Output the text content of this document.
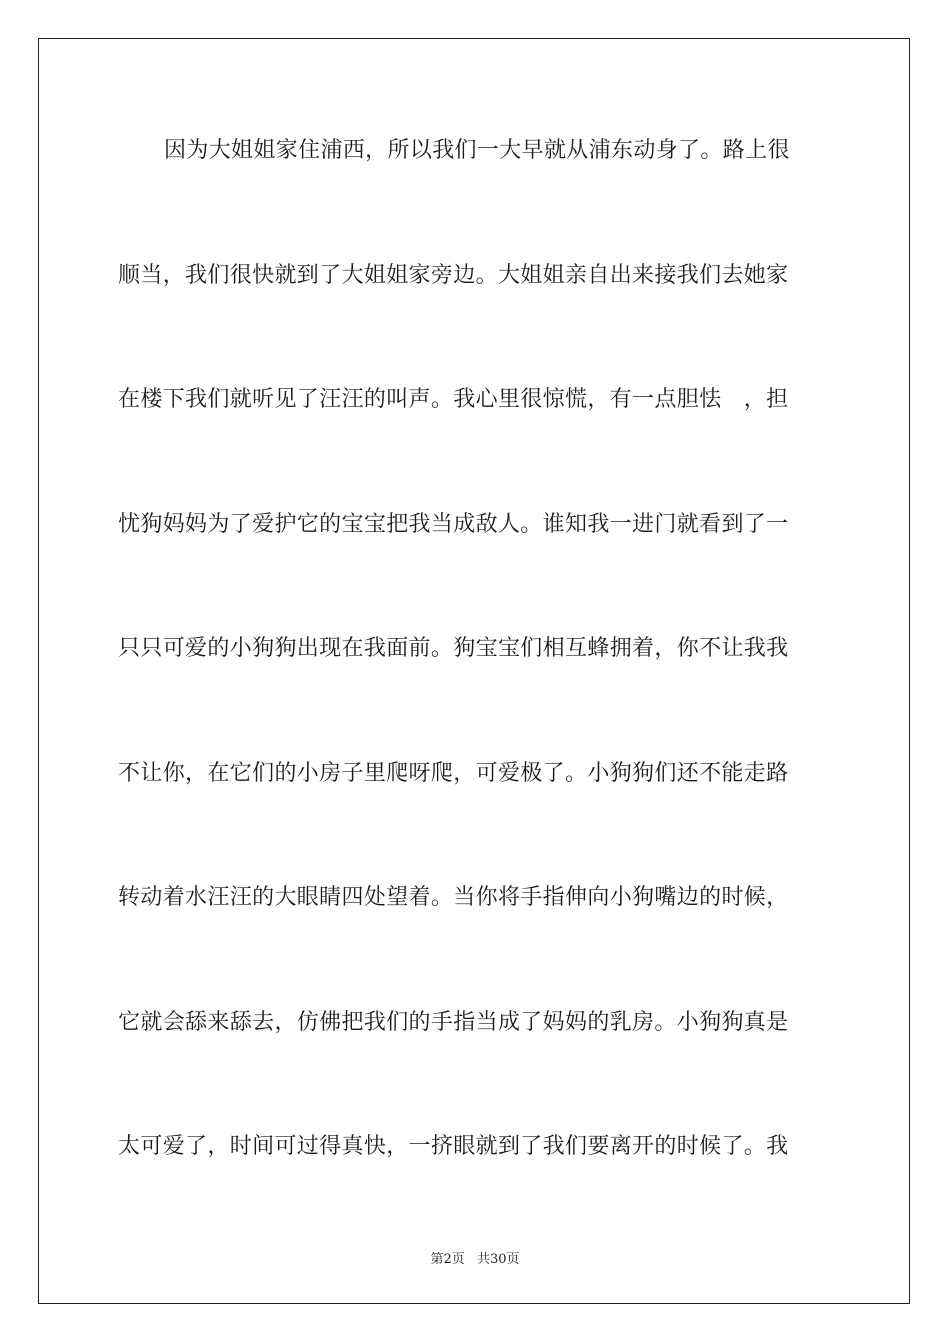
因为大姐姐家住浦西，所以我们一大早就从浦东动身了。路上很
顺当，我们很快就到了大姐姐家旁边。大姐姐亲自出来接我们去她家
在楼下我们就听见了汪汪的叫声。我心里很惊慌，有一点胆怯　，担
忧狗妈妈为了爱护它的宝宝把我当成敌人。谁知我一进门就看到了一
只只可爱的小狗狗出现在我面前。狗宝宝们相互蜂拥着，你不让我我
不让你，在它们的小房子里爬呀爬，可爱极了。小狗狗们还不能走路
转动着水汪汪的大眼睛四处望着。当你将手指伸向小狗嘴边的时候，
它就会舔来舔去，仿佛把我们的手指当成了妈妈的乳房。小狗狗真是
太可爱了，时间可过得真快，一挤眼就到了我们要离开的时候了。我
第2页 共30页
